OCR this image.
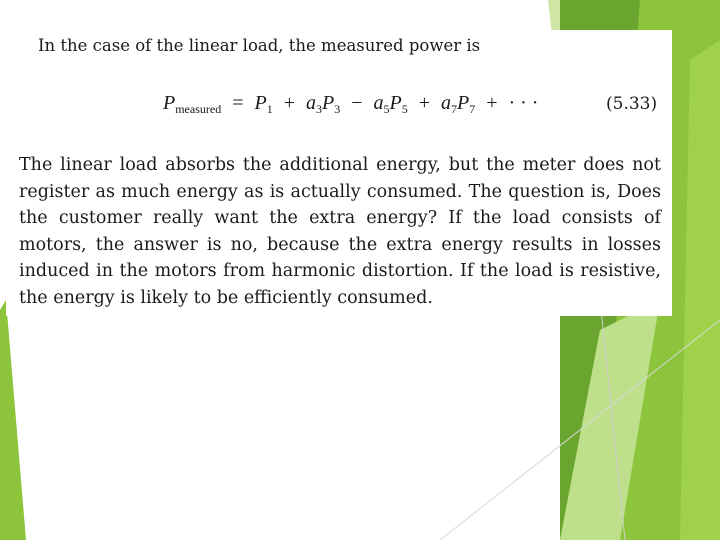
In the case of the linear load, the measured power is
$P_{measured} = P_1 + a_3P_3 - a_5P_5 + a_7P_7$ + · · ·	(5.33)
The linear load absorbs the additional energy, but the meter does not
register as much energy as is actually consumed. The question is, Does
the customer really want the extra energy? If the load consists of
motors, the answer is no, because the extra energy results in losses
induced in the motors from harmonic distortion. If the load is resistive,
the energy is likely to be efficiently consumed.
